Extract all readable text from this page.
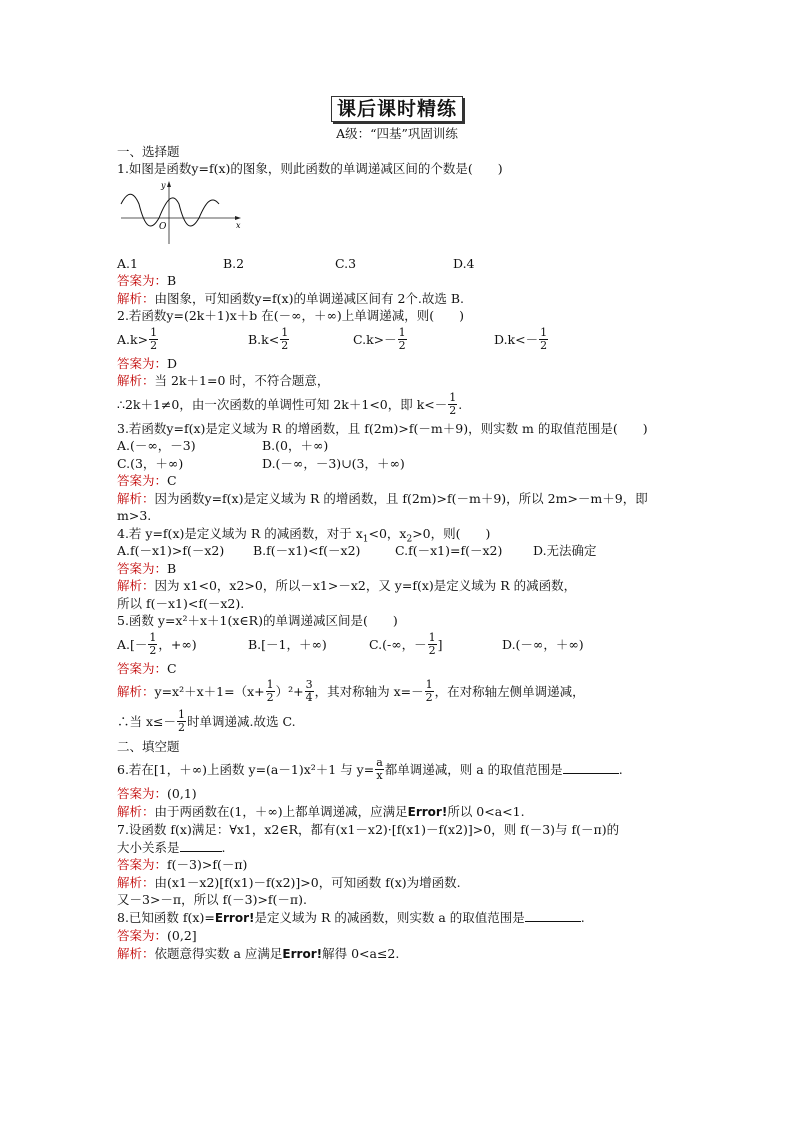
课后课时精练
A级：“四基”巩固训练
一、选择题
1.如图是函数y=f(x)的图象，则此函数的单调递减区间的个数是(　　)
y
x
O
A.1	B.2	C.3	D.4
答案为：B
解析：由图象，可知函数y=f(x)的单调递减区间有 2个.故选 B.
2.若函数y=(2k＋1)x＋b 在(－∞，＋∞)上单调递减，则(　　)
$A.k> \frac{1}{2}$	$B.k< \frac{1}{2}$	$C.k>- \frac{1}{2}$	$D.k<- \frac{1}{2}$
答案为：D
解析：当 2k＋1=0 时，不符合题意，
∴2k＋1≠0，由一次函数的单调性可知 2k＋1<0，即 $k<- \frac{1}{2}$ .
3.若函数y=f(x)是定义域为 R 的增函数，且 f(2m)>f(－m＋9)，则实数 m 的取值范围是(　　)
A.(－∞，－3)	B.(0，＋∞)
C.(3，＋∞)	D.(－∞，－3)∪(3，＋∞)
答案为：C
解析：因为函数y=f(x)是定义域为 R 的增函数，且 f(2m)>f(－m＋9)，所以 2m>－m＋9，即 m>3.
4.若 y=f(x)是定义域为 R 的减函数，对于 $x_1<0$，$x_2>0$，则(　　)
A.f(－x1)>f(－x2)	B.f(－x1)<f(－x2)	C.f(－x1)=f(－x2)	D.无法确定
答案为：B
解析：因为 x1<0，x2>0，所以－x1>－x2，又 y=f(x)是定义域为 R 的减函数，
所以 f(－x1)<f(－x2).
5.函数 y=x²＋x＋1(x∈R)的单调递减区间是(　　)
$A.[- \frac{1}{2}$ ，+∞)	B.[－1，＋∞)	C.(-∞，－ $\frac{1}{2}$ ]	D.(－∞，＋∞)
答案为：C
解析：$y=x^2+x+1=(x+ \frac{1}{2} )^2+ \frac{3}{4}$ ，其对称轴为 $x=- \frac{1}{2}$ ，在对称轴左侧单调递减，
∴当 $x\le- \frac{1}{2}$ 时单调递减.故选 C.
二、填空题
6.若在[1，＋∞)上函数 y=(a－1)x²＋1 与 $y= \frac{a}{x}$ 都单调递减，则 a 的取值范围是	.
答案为：(0,1)
解析：由于两函数在(1，＋∞)上都单调递减，应满足Error!所以 0<a<1.
7.设函数 f(x)满足：∀x1，x2∈R，都有(x1－x2)·[f(x1)－f(x2)]>0，则 f(－3)与 f(－π)的
大小关系是	.
答案为：f(－3)>f(－π)
解析：由(x1－x2)[f(x1)－f(x2)]>0，可知函数 f(x)为增函数.
又－3>－π，所以 f(－3)>f(－π).
8.已知函数 f(x)=Error!是定义域为 R 的减函数，则实数 a 的取值范围是	.
答案为：(0,2]
解析：依题意得实数 a 应满足Error!解得 0<a≤2.
